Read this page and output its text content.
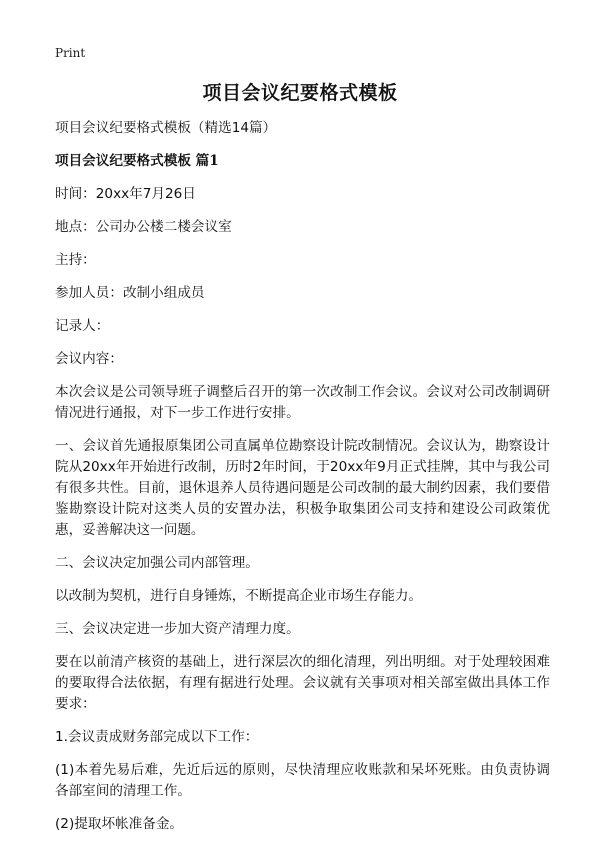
Print
项目会议纪要格式模板

项目会议纪要格式模板（精选14篇）

项目会议纪要格式模板 篇1

时间：20xx年7月26日

地点：公司办公楼二楼会议室

主持：

参加人员：改制小组成员

记录人：

会议内容：

本次会议是公司领导班子调整后召开的第一次改制工作会议。会议对公司改制调研情况进行通报，对下一步工作进行安排。

一、会议首先通报原集团公司直属单位勘察设计院改制情况。会议认为，勘察设计院从20xx年开始进行改制，历时2年时间，于20xx年9月正式挂牌，其中与我公司有很多共性。目前，退休退养人员待遇问题是公司改制的最大制约因素，我们要借鉴勘察设计院对这类人员的安置办法，积极争取集团公司支持和建设公司政策优惠，妥善解决这一问题。

二、会议决定加强公司内部管理。

以改制为契机，进行自身锤炼，不断提高企业市场生存能力。

三、会议决定进一步加大资产清理力度。

要在以前清产核资的基础上，进行深层次的细化清理，列出明细。对于处理较困难的要取得合法依据，有理有据进行处理。会议就有关事项对相关部室做出具体工作要求：

1.会议责成财务部完成以下工作：

(1)本着先易后难，先近后远的原则，尽快清理应收账款和呆坏死账。由负责协调各部室间的清理工作。

(2)提取坏帐准备金。
